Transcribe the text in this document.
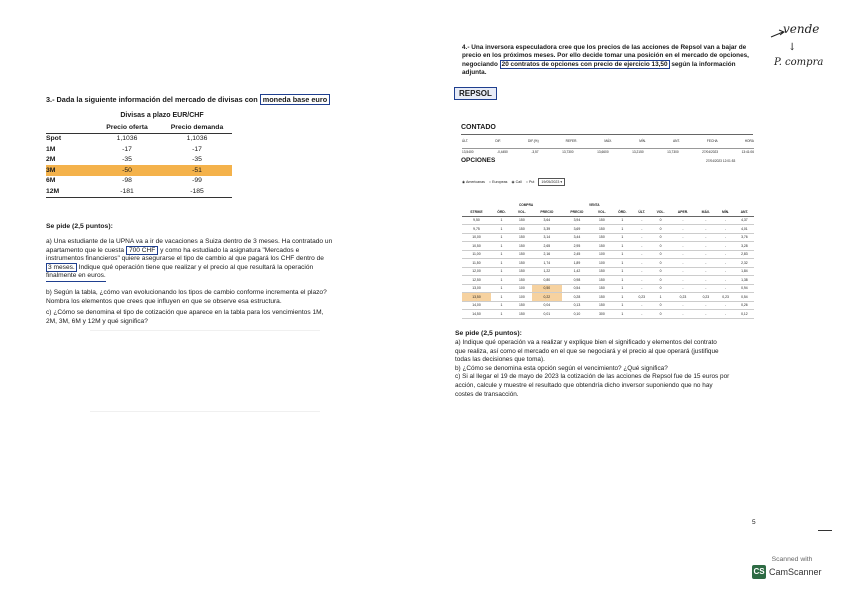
vende
↓
P. compra
3.- Dada la siguiente información del mercado de divisas con moneda base euro
Divisas a plazo EUR/CHF
	Precio oferta	Precio demanda
Spot	1,1036	1,1036
1M	-17	-17
2M	-35	-35
3M	-50	-51
6M	-98	-99
12M	-181	-185
Se pide (2,5 puntos):
a) Una estudiante de la UPNA va a ir de vacaciones a Suiza dentro de 3 meses. Ha contratado un
apartamento que le cuesta 700 CHF y como ha estudiado la asignatura "Mercados e
instrumentos financieros" quiere asegurarse el tipo de cambio al que pagará los CHF dentro de
3 meses. Indique qué operación tiene que realizar y el precio al que resultará la operación
finalmente en euros.
b) Según la tabla, ¿cómo van evolucionando los tipos de cambio conforme incrementa el plazo?
Nombra los elementos que crees que influyen en que se observe esa estructura.
c) ¿Cómo se denomina el tipo de cotización que aparece en la tabla para los vencimientos 1M,
2M, 3M, 6M y 12M y qué significa?
4.- Una inversora especuladora cree que los precios de las acciones de Repsol van a bajar de
precio en los próximos meses. Por ello decide tomar una posición en el mercado de opciones,
negociando 20 contratos de opciones con precio de ejercicio 13,50 según la información
adjunta.
REPSOL
CONTADO
ÚLT.	DIF.	DIF.(%)	REFER.	MÁX.	MÍN.	ANT.	FECHA	HORA
13,5400	-0,4450	-3,57	13,7300	13,6600	13,2150	13,7300	27/04/2023	13:41:06
OPCIONES	27/04/2023 12:01:53
◉ Americanas ○ Europeas ◉ Call ○ Put	19/05/2023 ▾
COMPRA	VENTA
STRIKE	ÓRD.	VOL.	PRECIO	PRECIO	VOL.	ÓRD.	ÚLT.	VOL.	APER.	MÁX.	MÍN.	ANT.
9,50	1	150	3,64	3,94	150	1	-	0	-	-	-	4,37
9,75	1	150	3,39	3,69	150	1	-	0	-	-	-	4,01
10,00	1	150	3,14	3,44	150	1	-	0	-	-	-	3,76
10,50	1	150	2,65	2,95	150	1	-	0	-	-	-	3,28
11,00	1	150	2,16	2,45	100	1	-	0	-	-	-	2,83
11,50	1	150	1,74	1,89	100	1	-	0	-	-	-	2,32
12,00	1	150	1,22	1,42	150	1	-	0	-	-	-	1,84
12,50	1	150	0,80	0,98	150	1	-	0	-	-	-	1,38
13,00	1	100	0,50	0,54	150	1	-	0	-	-	-	0,94
13,50	1	100	0,22	0,28	150	1	0,23	1	0,23	0,23	0,23	0,54
14,00	1	150	0,04	0,13	150	1	-	0	-	-	-	0,26
14,50	1	150	0,01	0,10	300	1	-	0	-	-	-	0,12
Se pide (2,5 puntos):
a) Indique qué operación va a realizar y explique bien el significado y elementos del contrato
que realiza, así como el mercado en el que se negociará y el precio al que operará (justifique
todas las decisiones que toma).
b) ¿Cómo se denomina esta opción según el vencimiento? ¿Qué significa?
c) Si al llegar el 19 de mayo de 2023 la cotización de las acciones de Repsol fue de 15 euros por
acción, calcule y muestre el resultado que obtendría dicho inversor suponiendo que no hay
costes de transacción.
5
Scanned with
CS CamScanner
